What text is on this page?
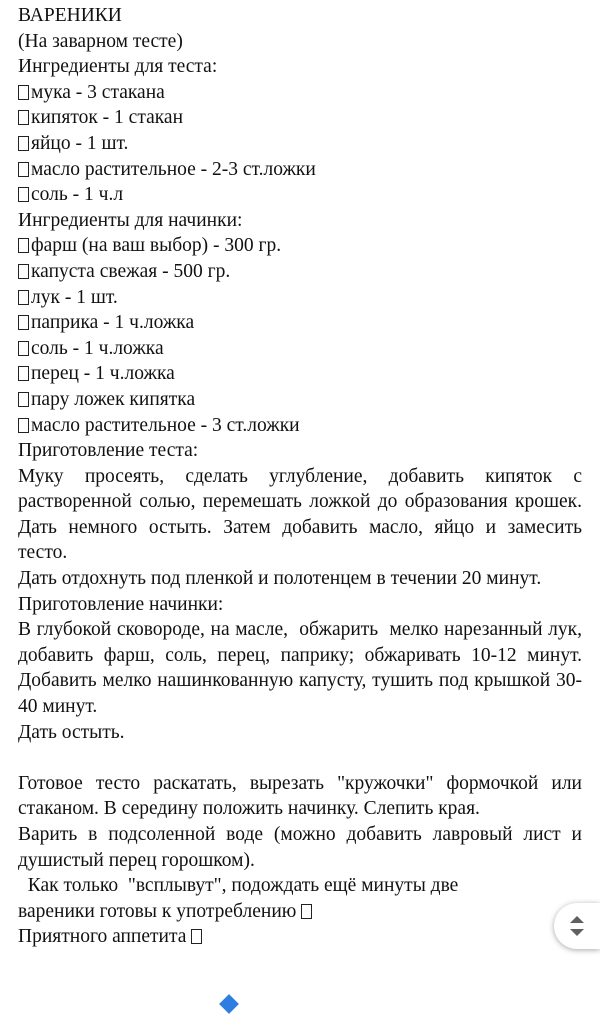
ВАРЕНИКИ
(На заварном тесте)
Ингредиенты для теста:
мука - 3 стакана
кипяток - 1 стакан
яйцо - 1 шт.
масло растительное - 2-3 ст.ложки
соль - 1 ч.л
Ингредиенты для начинки:
фарш (на ваш выбор) - 300 гр.
капуста свежая - 500 гр.
лук - 1 шт.
паприка - 1 ч.ложка
соль - 1 ч.ложка
перец - 1 ч.ложка
пару ложек кипятка
масло растительное - 3 ст.ложки
Приготовление теста:
Муку просеять, сделать углубление, добавить кипяток с растворенной солью, перемешать ложкой до образования крошек. Дать немного остыть. Затем добавить масло, яйцо и замесить тесто.
Дать отдохнуть под пленкой и полотенцем в течении 20 минут.
Приготовление начинки:
В глубокой сковороде, на масле,  обжарить  мелко нарезанный лук, добавить фарш, соль, перец, паприку; обжаривать 10-12 минут. Добавить мелко нашинкованную капусту, тушить под крышкой 30-40 минут.
Дать остыть.
Готовое тесто раскатать, вырезать "кружочки" формочкой или стаканом. В середину положить начинку. Слепить края.
Варить в подсоленной воде (можно добавить лавровый лист и душистый перец горошком).
Как только  "всплывут", подождать ещё минуты две
вареники готовы к употреблению
Приятного аппетита
